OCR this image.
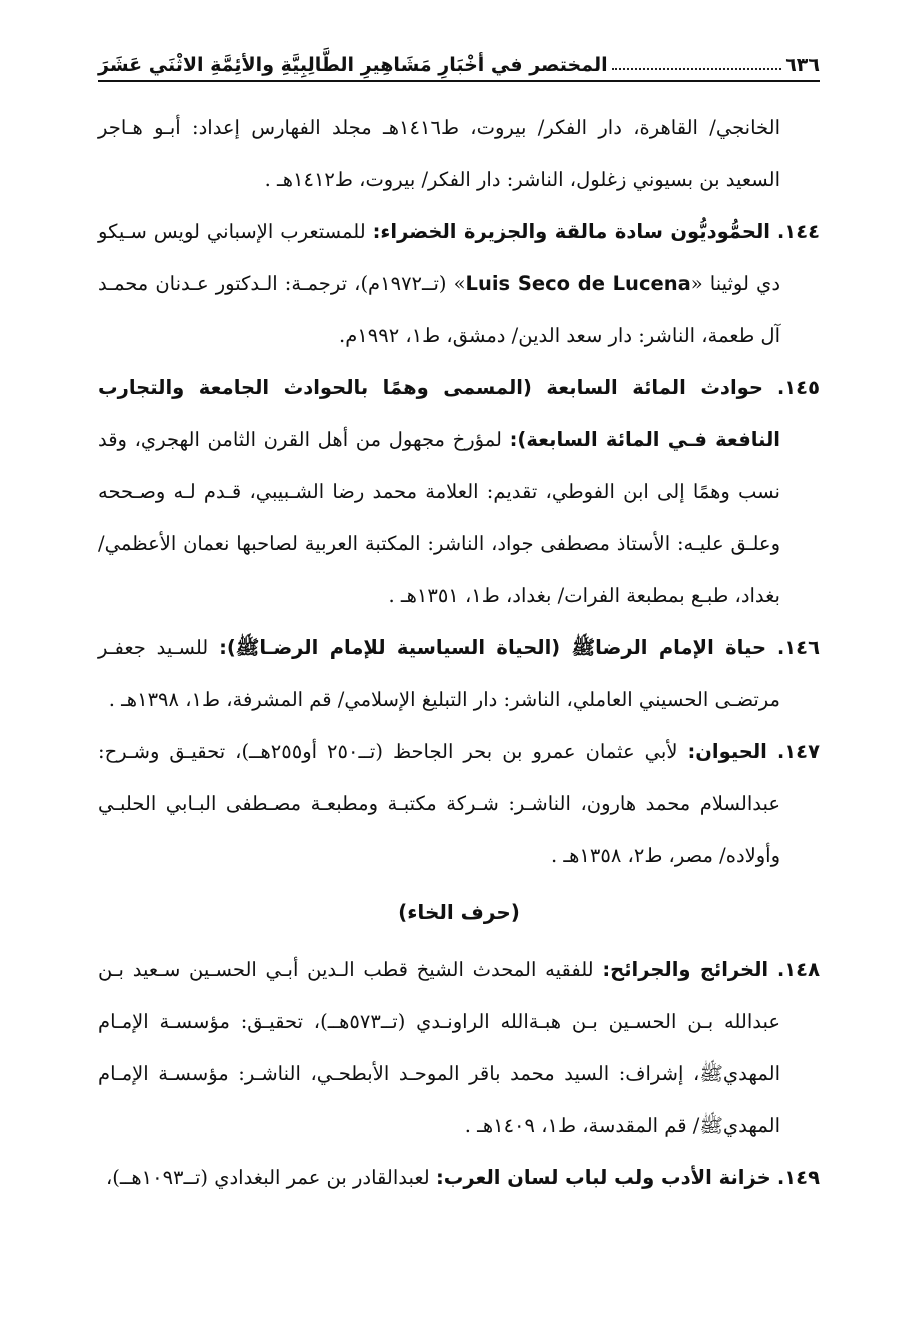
٦٣٦
المختصر في أخْبَارِ مَشَاهِيرِ الطَّالِبِيَّةِ والأئِمَّةِ الاثْنَي عَشَرَ

الخانجي/ القاهرة، دار الفكر/ بيروت، ط١٤١٦هـ مجلد الفهارس إعداد: أبـو هـاجر السعيد بن بسيوني زغلول، الناشر: دار الفكر/ بيروت، ط١٤١٢هـ .

١٤٤. الحمُّوديُّون سادة مالقة والجزيرة الخضراء: للمستعرب الإسباني لويس سـيكو دي لوثينا «Luis Seco de Lucena» (تــ١٩٧٢م)، ترجمـة: الـدكتور عـدنان محمـد آل طعمة، الناشر: دار سعد الدين/ دمشق، ط١، ١٩٩٢م.

١٤٥. حوادث المائة السابعة (المسمى وهمًا بالحوادث الجامعة والتجارب النافعة فـي المائة السابعة): لمؤرخ مجهول من أهل القرن الثامن الهجري، وقد نسب وهمًا إلى ابن الفوطي، تقديم: العلامة محمد رضا الشـبيبي، قـدم لـه وصـححه وعلـق عليـه: الأستاذ مصطفى جواد، الناشر: المكتبة العربية لصاحبها نعمان الأعظمي/ بغداد، طبـع بمطبعة الفرات/ بغداد، ط١، ١٣٥١هـ .

١٤٦. حياة الإمام الرضاﷺ (الحياة السياسية للإمام الرضـاﷺ): للسـيد جعفـر مرتضـى الحسيني العاملي، الناشر: دار التبليغ الإسلامي/ قم المشرفة، ط١، ١٣٩٨هـ .

١٤٧. الحيوان: لأبي عثمان عمرو بن بحر الجاحظ (تــ٢٥٠ أو٢٥٥هــ)، تحقيـق وشـرح: عبدالسلام محمد هارون، الناشـر: شـركة مكتبـة ومطبعـة مصـطفى البـابي الحلبـي وأولاده/ مصر، ط٢، ١٣٥٨هـ .

(حرف الخاء)

١٤٨. الخرائج والجرائح: للفقيه المحدث الشيخ قطب الـدين أبـي الحسـين سـعيد بـن عبدالله بـن الحسـين بـن هبـةالله الراونـدي (تــ٥٧٣هــ)، تحقيـق: مؤسسـة الإمـام المهديﷺ، إشراف: السيد محمد باقر الموحـد الأبطحـي، الناشـر: مؤسسـة الإمـام المهديﷺ/ قم المقدسة، ط١، ١٤٠٩هـ .

١٤٩. خزانة الأدب ولب لباب لسان العرب: لعبدالقادر بن عمر البغدادي (تــ١٠٩٣هــ)،
